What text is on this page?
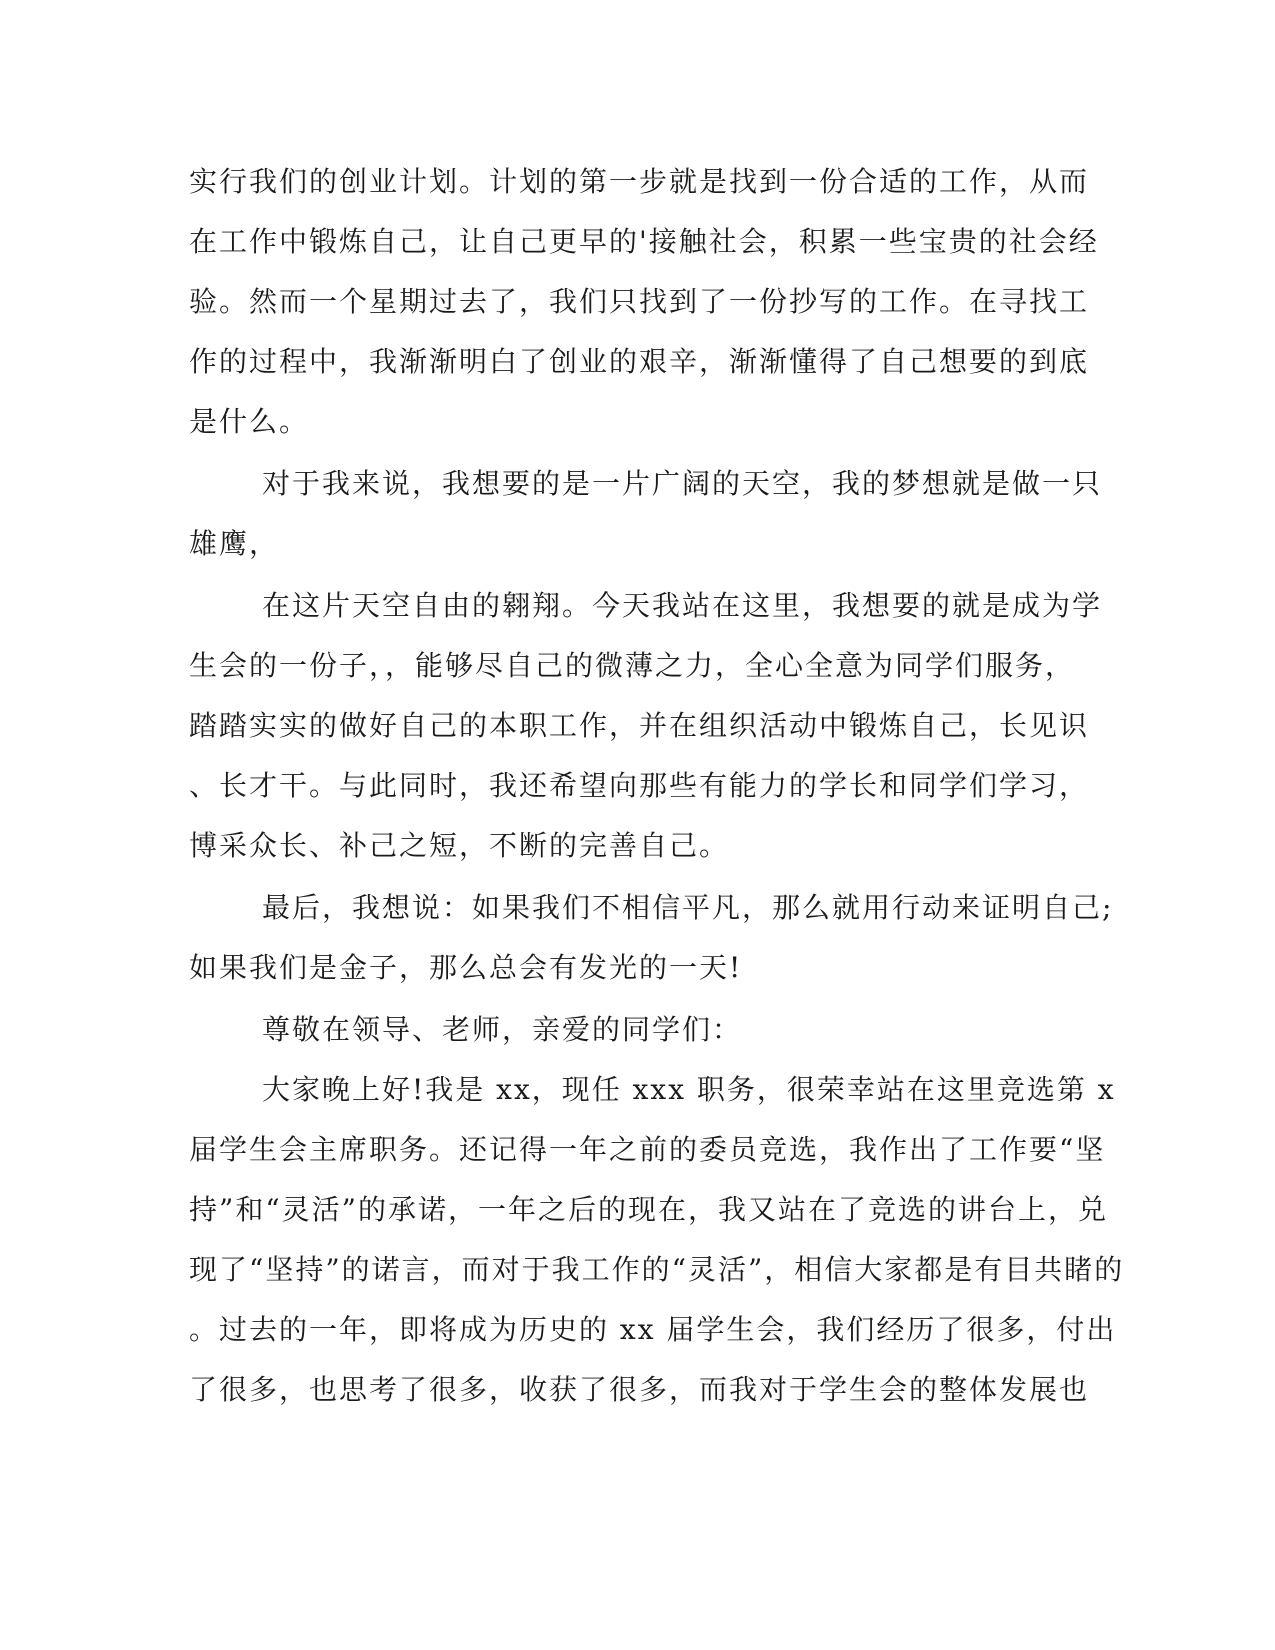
实行我们的创业计划。计划的第一步就是找到一份合适的工作，从而
在工作中锻炼自己，让自己更早的'接触社会，积累一些宝贵的社会经
验。然而一个星期过去了，我们只找到了一份抄写的工作。在寻找工
作的过程中，我渐渐明白了创业的艰辛，渐渐懂得了自己想要的到底
是什么。
对于我来说，我想要的是一片广阔的天空，我的梦想就是做一只
雄鹰，
在这片天空自由的翱翔。今天我站在这里，我想要的就是成为学
生会的一份子，，能够尽自己的微薄之力，全心全意为同学们服务，
踏踏实实的做好自己的本职工作，并在组织活动中锻炼自己，长见识
、长才干。与此同时，我还希望向那些有能力的学长和同学们学习，
博采众长、补己之短，不断的完善自己。
最后，我想说：如果我们不相信平凡，那么就用行动来证明自己;
如果我们是金子，那么总会有发光的一天!
尊敬在领导、老师，亲爱的同学们：
大家晚上好!我是 xx，现任 xxx 职务，很荣幸站在这里竞选第 x
届学生会主席职务。还记得一年之前的委员竞选，我作出了工作要“坚
持”和“灵活”的承诺，一年之后的现在，我又站在了竞选的讲台上，兑
现了“坚持”的诺言，而对于我工作的“灵活”，相信大家都是有目共睹的
。过去的一年，即将成为历史的 xx 届学生会，我们经历了很多，付出
了很多，也思考了很多，收获了很多，而我对于学生会的整体发展也
